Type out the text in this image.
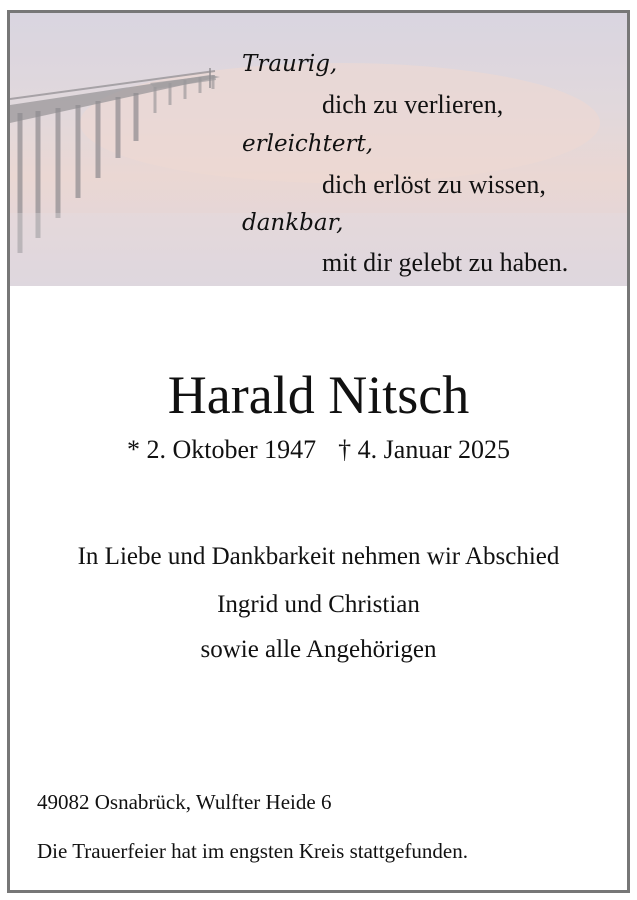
Traurig,
dich zu verlieren,
erleichtert,
dich erlöst zu wissen,
dankbar,
mit dir gelebt zu haben.
Harald Nitsch
* 2. Oktober 1947 † 4. Januar 2025
In Liebe und Dankbarkeit nehmen wir Abschied
Ingrid und Christian
sowie alle Angehörigen
49082 Osnabrück, Wulfter Heide 6
Die Trauerfeier hat im engsten Kreis stattgefunden.
